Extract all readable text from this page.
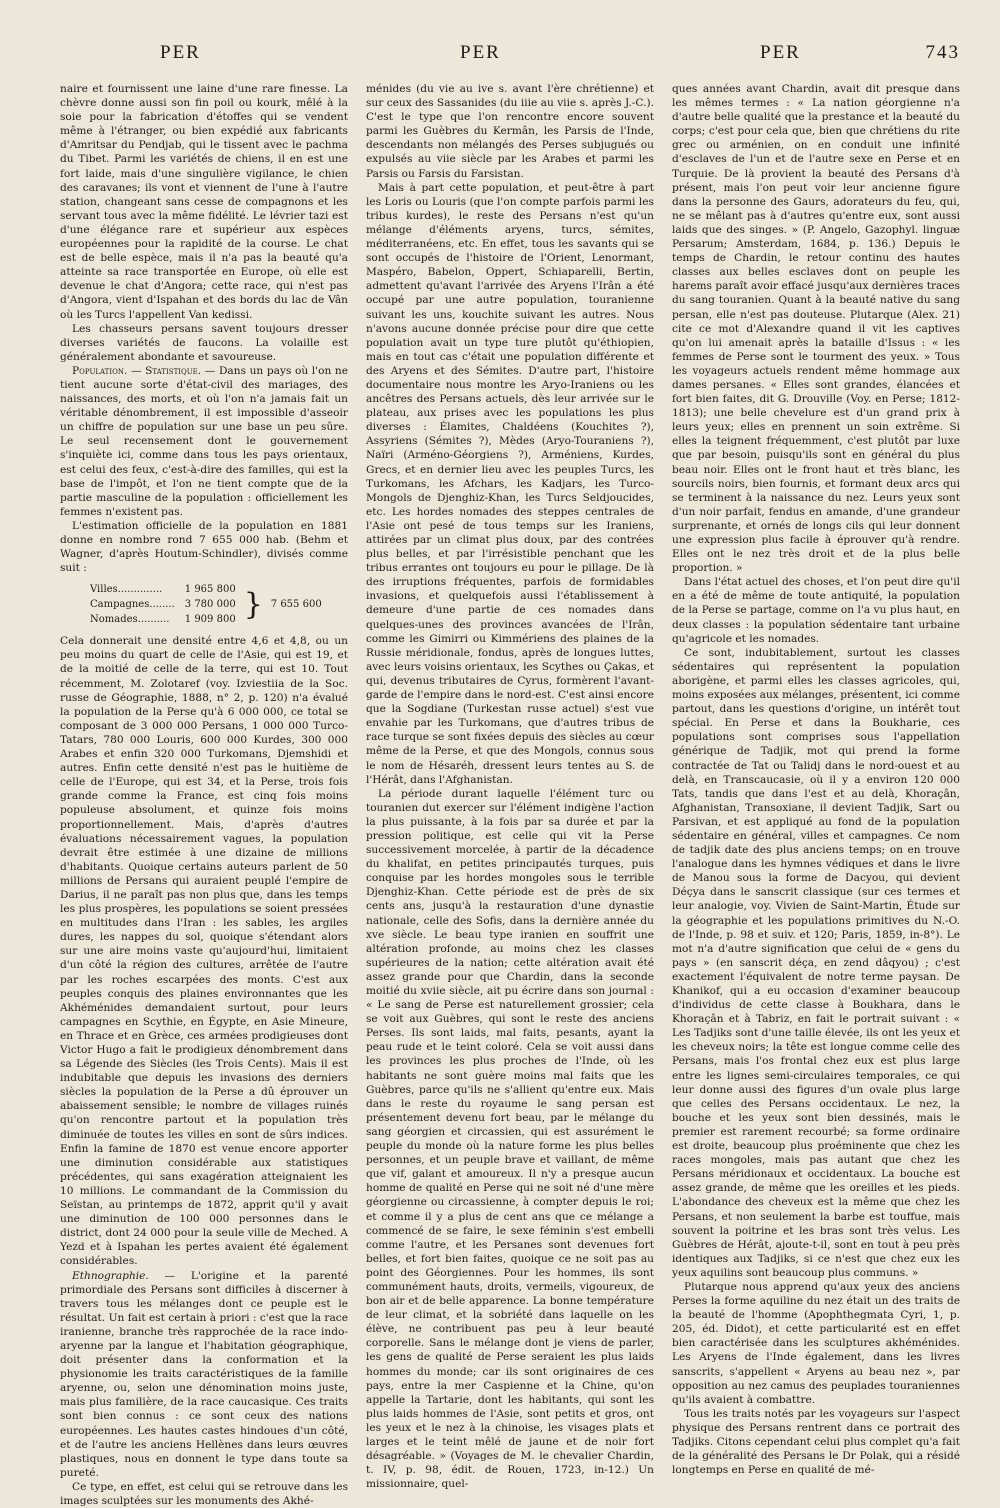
PER	PER	PER	743

naire et fournissent une laine d'une rare finesse. La chèvre donne aussi son fin poil ou kourk, mêlé à la soie pour la fabrication d'étoffes qui se vendent même à l'étranger, ou bien expédié aux fabricants d'Amritsar du Pendjab, qui le tissent avec le pachma du Tibet. Parmi les variétés de chiens, il en est une fort laide, mais d'une singulière vigilance, le chien des caravanes; ils vont et viennent de l'une à l'autre station, changeant sans cesse de compagnons et les servant tous avec la même fidélité. Le lévrier tazi est d'une élégance rare et supérieur aux espèces européennes pour la rapidité de la course. Le chat est de belle espèce, mais il n'a pas la beauté qu'a atteinte sa race transportée en Europe, où elle est devenue le chat d'Angora; cette race, qui n'est pas d'Angora, vient d'Ispahan et des bords du lac de Vân où les Turcs l'appellent Van kedissi.

Les chasseurs persans savent toujours dresser diverses variétés de faucons. La volaille est généralement abondante et savoureuse.

Population. — Statistique. — Dans un pays où l'on ne tient aucune sorte d'état-civil des mariages, des naissances, des morts, et où l'on n'a jamais fait un véritable dénombrement, il est impossible d'asseoir un chiffre de population sur une base un peu sûre. Le seul recensement dont le gouvernement s'inquiète ici, comme dans tous les pays orientaux, est celui des feux, c'est-à-dire des familles, qui est la base de l'impôt, et l'on ne tient compte que de la partie masculine de la population : officiellement les femmes n'existent pas.

L'estimation officielle de la population en 1881 donne en nombre rond 7 655 000 hab. (Behm et Wagner, d'après Houtum-Schindler), divisés comme suit :

Villes..............	1 965 800	}	7 655 600
Campagnes........	3 780 000		
Nomades..........	1 909 800		

Cela donnerait une densité entre 4,6 et 4,8, ou un peu moins du quart de celle de l'Asie, qui est 19, et de la moitié de celle de la terre, qui est 10. Tout récemment, M. Zolotaref (voy. Izviestiia de la Soc. russe de Géographie, 1888, n° 2, p. 120) n'a évalué la population de la Perse qu'à 6 000 000, ce total se composant de 3 000 000 Persans, 1 000 000 Turco-Tatars, 780 000 Louris, 600 000 Kurdes, 300 000 Arabes et enfin 320 000 Turkomans, Djemshidi et autres. Enfin cette densité n'est pas le huitième de celle de l'Europe, qui est 34, et la Perse, trois fois grande comme la France, est cinq fois moins populeuse absolument, et quinze fois moins proportionnellement. Mais, d'après d'autres évaluations nécessairement vagues, la population devrait être estimée à une dizaine de millions d'habitants. Quoique certains auteurs parlent de 50 millions de Persans qui auraient peuplé l'empire de Darius, il ne paraît pas non plus que, dans les temps les plus prospères, les populations se soient pressées en multitudes dans l'Iran : les sables, les argiles dures, les nappes du sol, quoique s'étendant alors sur une aire moins vaste qu'aujourd'hui, limitaient d'un côté la région des cultures, arrêtée de l'autre par les roches escarpées des monts. C'est aux peuples conquis des plaines environnantes que les Akhéménides demandaient surtout, pour leurs campagnes en Scythie, en Égypte, en Asie Mineure, en Thrace et en Grèce, ces armées prodigieuses dont Victor Hugo a fait le prodigieux dénombrement dans sa Légende des Siècles (les Trois Cents). Mais il est indubitable que depuis les invasions des derniers siècles la population de la Perse a dû éprouver un abaissement sensible; le nombre de villages ruinés qu'on rencontre partout et la population très diminuée de toutes les villes en sont de sûrs indices. Enfin la famine de 1870 est venue encore apporter une diminution considérable aux statistiques précédentes, qui sans exagération atteignaient les 10 millions. Le commandant de la Commission du Seïstan, au printemps de 1872, apprit qu'il y avait une diminution de 100 000 personnes dans le district, dont 24 000 pour la seule ville de Meched. A Yezd et à Ispahan les pertes avaient été également considérables.

Ethnographie. — L'origine et la parenté primordiale des Persans sont difficiles à discerner à travers tous les mélanges dont ce peuple est le résultat. Un fait est certain à priori : c'est que la race iranienne, branche très rapprochée de la race indo-aryenne par la langue et l'habitation géographique, doit présenter dans la conformation et la physionomie les traits caractéristiques de la famille aryenne, ou, selon une dénomination moins juste, mais plus familière, de la race caucasique. Ces traits sont bien connus : ce sont ceux des nations européennes. Les hautes castes hindoues d'un côté, et de l'autre les anciens Hellènes dans leurs œuvres plastiques, nous en donnent le type dans toute sa pureté.

Ce type, en effet, est celui qui se retrouve dans les images sculptées sur les monuments des Akhé-

ménides (du vie au ive s. avant l'ère chrétienne) et sur ceux des Sassanides (du iiie au viie s. après J.-C.). C'est le type que l'on rencontre encore souvent parmi les Guèbres du Kermân, les Parsis de l'Inde, descendants non mélangés des Perses subjugués ou expulsés au viie siècle par les Arabes et parmi les Parsis ou Farsis du Farsistan.

Mais à part cette population, et peut-être à part les Loris ou Louris (que l'on compte parfois parmi les tribus kurdes), le reste des Persans n'est qu'un mélange d'éléments aryens, turcs, sémites, méditerranéens, etc. En effet, tous les savants qui se sont occupés de l'histoire de l'Orient, Lenormant, Maspéro, Babelon, Oppert, Schiaparelli, Bertin, admettent qu'avant l'arrivée des Aryens l'Irân a été occupé par une autre population, touranienne suivant les uns, kouchite suivant les autres. Nous n'avons aucune donnée précise pour dire que cette population avait un type ture plutôt qu'éthiopien, mais en tout cas c'était une population différente et des Aryens et des Sémites. D'autre part, l'histoire documentaire nous montre les Aryo-Iraniens ou les ancêtres des Persans actuels, dès leur arrivée sur le plateau, aux prises avec les populations les plus diverses : Élamites, Chaldéens (Kouchites ?), Assyriens (Sémites ?), Mèdes (Aryo-Touraniens ?), Naïri (Arméno-Géorgiens ?), Arméniens, Kurdes, Grecs, et en dernier lieu avec les peuples Turcs, les Turkomans, les Afchars, les Kadjars, les Turco-Mongols de Djenghiz-Khan, les Turcs Seldjoucides, etc. Les hordes nomades des steppes centrales de l'Asie ont pesé de tous temps sur les Iraniens, attirées par un climat plus doux, par des contrées plus belles, et par l'irrésistible penchant que les tribus errantes ont toujours eu pour le pillage. De là des irruptions fréquentes, parfois de formidables invasions, et quelquefois aussi l'établissement à demeure d'une partie de ces nomades dans quelques-unes des provinces avancées de l'Irân, comme les Gimirri ou Kimmériens des plaines de la Russie méridionale, fondus, après de longues luttes, avec leurs voisins orientaux, les Scythes ou Çakas, et qui, devenus tributaires de Cyrus, formèrent l'avant-garde de l'empire dans le nord-est. C'est ainsi encore que la Sogdiane (Turkestan russe actuel) s'est vue envahie par les Turkomans, que d'autres tribus de race turque se sont fixées depuis des siècles au cœur même de la Perse, et que des Mongols, connus sous le nom de Hésaréh, dressent leurs tentes au S. de l'Hérât, dans l'Afghanistan.

La période durant laquelle l'élément turc ou touranien dut exercer sur l'élément indigène l'action la plus puissante, à la fois par sa durée et par la pression politique, est celle qui vit la Perse successivement morcelée, à partir de la décadence du khalifat, en petites principautés turques, puis conquise par les hordes mongoles sous le terrible Djenghiz-Khan. Cette période est de près de six cents ans, jusqu'à la restauration d'une dynastie nationale, celle des Sofis, dans la dernière année du xve siècle. Le beau type iranien en souffrit une altération profonde, au moins chez les classes supérieures de la nation; cette altération avait été assez grande pour que Chardin, dans la seconde moitié du xviie siècle, ait pu écrire dans son journal : « Le sang de Perse est naturellement grossier; cela se voit aux Guèbres, qui sont le reste des anciens Perses. Ils sont laids, mal faits, pesants, ayant la peau rude et le teint coloré. Cela se voit aussi dans les provinces les plus proches de l'Inde, où les habitants ne sont guère moins mal faits que les Guèbres, parce qu'ils ne s'allient qu'entre eux. Mais dans le reste du royaume le sang persan est présentement devenu fort beau, par le mélange du sang géorgien et circassien, qui est assurément le peuple du monde où la nature forme les plus belles personnes, et un peuple brave et vaillant, de même que vif, galant et amoureux. Il n'y a presque aucun homme de qualité en Perse qui ne soit né d'une mère géorgienne ou circassienne, à compter depuis le roi; et comme il y a plus de cent ans que ce mélange a commencé de se faire, le sexe féminin s'est embelli comme l'autre, et les Persanes sont devenues fort belles, et fort bien faites, quoique ce ne soit pas au point des Géorgiennes. Pour les hommes, ils sont communément hauts, droits, vermeils, vigoureux, de bon air et de belle apparence. La bonne température de leur climat, et la sobriété dans laquelle on les élève, ne contribuent pas peu à leur beauté corporelle. Sans le mélange dont je viens de parler, les gens de qualité de Perse seraient les plus laids hommes du monde; car ils sont originaires de ces pays, entre la mer Caspienne et la Chine, qu'on appelle la Tartarie, dont les habitants, qui sont les plus laids hommes de l'Asie, sont petits et gros, ont les yeux et le nez à la chinoise, les visages plats et larges et le teint mêlé de jaune et de noir fort désagréable. » (Voyages de M. le chevalier Chardin, t. IV, p. 98, édit. de Rouen, 1723, in-12.) Un missionnaire, quel-

ques années avant Chardin, avait dit presque dans les mêmes termes : « La nation géorgienne n'a d'autre belle qualité que la prestance et la beauté du corps; c'est pour cela que, bien que chrétiens du rite grec ou arménien, on en conduit une infinité d'esclaves de l'un et de l'autre sexe en Perse et en Turquie. De là provient la beauté des Persans d'à présent, mais l'on peut voir leur ancienne figure dans la personne des Gaurs, adorateurs du feu, qui, ne se mêlant pas à d'autres qu'entre eux, sont aussi laids que des singes. » (P. Angelo, Gazophyl. linguæ Persarum; Amsterdam, 1684, p. 136.) Depuis le temps de Chardin, le retour continu des hautes classes aux belles esclaves dont on peuple les harems paraît avoir effacé jusqu'aux dernières traces du sang touranien. Quant à la beauté native du sang persan, elle n'est pas douteuse. Plutarque (Alex. 21) cite ce mot d'Alexandre quand il vit les captives qu'on lui amenait après la bataille d'Issus : « les femmes de Perse sont le tourment des yeux. » Tous les voyageurs actuels rendent même hommage aux dames persanes. « Elles sont grandes, élancées et fort bien faites, dit G. Drouville (Voy. en Perse; 1812-1813); une belle chevelure est d'un grand prix à leurs yeux; elles en prennent un soin extrême. Si elles la teignent fréquemment, c'est plutôt par luxe que par besoin, puisqu'ils sont en général du plus beau noir. Elles ont le front haut et très blanc, les sourcils noirs, bien fournis, et formant deux arcs qui se terminent à la naissance du nez. Leurs yeux sont d'un noir parfait, fendus en amande, d'une grandeur surprenante, et ornés de longs cils qui leur donnent une expression plus facile à éprouver qu'à rendre. Elles ont le nez très droit et de la plus belle proportion. »

Dans l'état actuel des choses, et l'on peut dire qu'il en a été de même de toute antiquité, la population de la Perse se partage, comme on l'a vu plus haut, en deux classes : la population sédentaire tant urbaine qu'agricole et les nomades.

Ce sont, indubitablement, surtout les classes sédentaires qui représentent la population aborigène, et parmi elles les classes agricoles, qui, moins exposées aux mélanges, présentent, ici comme partout, dans les questions d'origine, un intérêt tout spécial. En Perse et dans la Boukharie, ces populations sont comprises sous l'appellation générique de Tadjik, mot qui prend la forme contractée de Tat ou Talidj dans le nord-ouest et au delà, en Transcaucasie, où il y a environ 120 000 Tats, tandis que dans l'est et au delà, Khoraçân, Afghanistan, Transoxiane, il devient Tadjik, Sart ou Parsivan, et est appliqué au fond de la population sédentaire en général, villes et campagnes. Ce nom de tadjik date des plus anciens temps; on en trouve l'analogue dans les hymnes védiques et dans le livre de Manou sous la forme de Dacyou, qui devient Déçya dans le sanscrit classique (sur ces termes et leur analogie, voy. Vivien de Saint-Martin, Étude sur la géographie et les populations primitives du N.-O. de l'Inde, p. 98 et suiv. et 120; Paris, 1859, in-8°). Le mot n'a d'autre signification que celui de « gens du pays » (en sanscrit déça, en zend dâqyou) ; c'est exactement l'équivalent de notre terme paysan. De Khanikof, qui a eu occasion d'examiner beaucoup d'individus de cette classe à Boukhara, dans le Khoraçân et à Tabriz, en fait le portrait suivant : « Les Tadjiks sont d'une taille élevée, ils ont les yeux et les cheveux noirs; la tête est longue comme celle des Persans, mais l'os frontal chez eux est plus large entre les lignes semi-circulaires temporales, ce qui leur donne aussi des figures d'un ovale plus large que celles des Persans occidentaux. Le nez, la bouche et les yeux sont bien dessinés, mais le premier est rarement recourbé; sa forme ordinaire est droite, beaucoup plus proéminente que chez les races mongoles, mais pas autant que chez les Persans méridionaux et occidentaux. La bouche est assez grande, de même que les oreilles et les pieds. L'abondance des cheveux est la même que chez les Persans, et non seulement la barbe est touffue, mais souvent la poitrine et les bras sont très velus. Les Guèbres de Hérât, ajoute-t-il, sont en tout à peu près identiques aux Tadjiks, si ce n'est que chez eux les yeux aquilins sont beaucoup plus communs. »

Plutarque nous apprend qu'aux yeux des anciens Perses la forme aquiline du nez était un des traits de la beauté de l'homme (Apophthegmata Cyri, 1, p. 205, éd. Didot), et cette particularité est en effet bien caractérisée dans les sculptures akhéménides. Les Aryens de l'Inde également, dans les livres sanscrits, s'appellent « Aryens au beau nez », par opposition au nez camus des peuplades touraniennes qu'ils avaient à combattre.

Tous les traits notés par les voyageurs sur l'aspect physique des Persans rentrent dans ce portrait des Tadjiks. Citons cependant celui plus complet qu'a fait de la généralité des Persans le Dr Polak, qui a résidé longtemps en Perse en qualité de mé-
